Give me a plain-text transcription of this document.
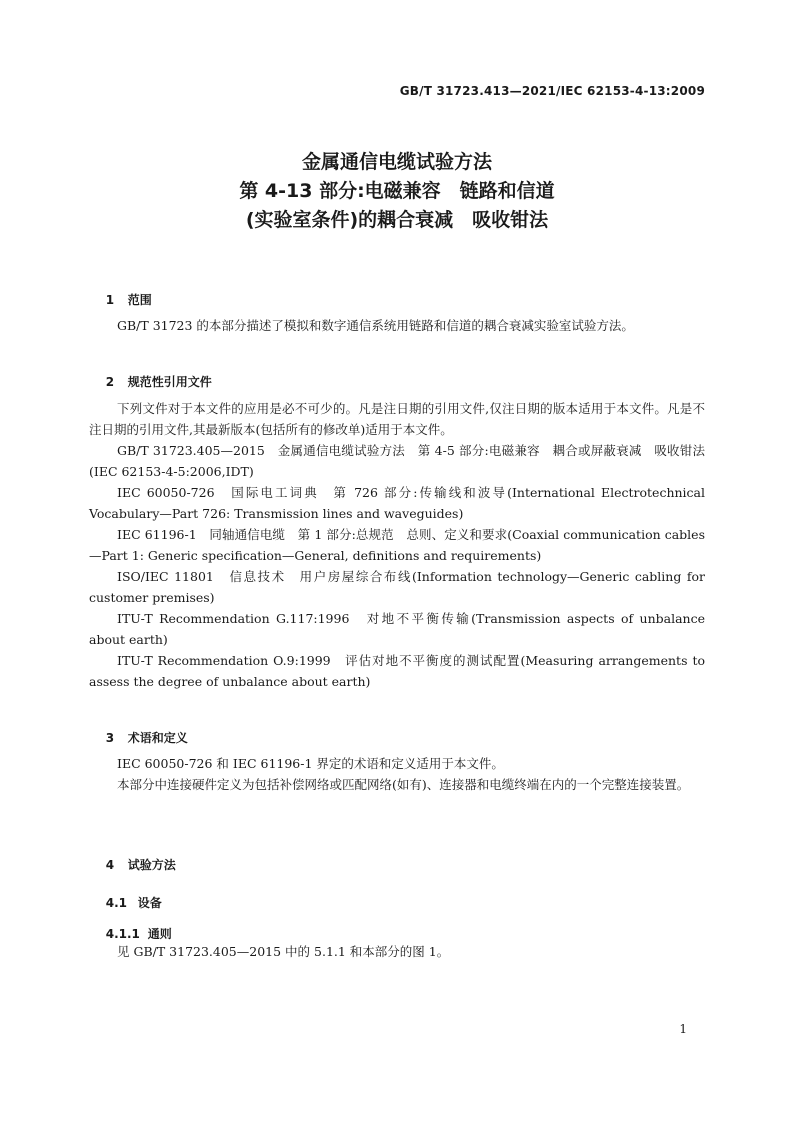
GB/T 31723.413—2021/IEC 62153-4-13:2009
金属通信电缆试验方法
第 4-13 部分:电磁兼容　链路和信道
(实验室条件)的耦合衰减　吸收钳法

1 范围

GB/T 31723 的本部分描述了模拟和数字通信系统用链路和信道的耦合衰减实验室试验方法。

2 规范性引用文件

下列文件对于本文件的应用是必不可少的。凡是注日期的引用文件,仅注日期的版本适用于本文件。凡是不注日期的引用文件,其最新版本(包括所有的修改单)适用于本文件。
GB/T 31723.405—2015　金属通信电缆试验方法　第 4-5 部分:电磁兼容　耦合或屏蔽衰减　吸收钳法(IEC 62153-4-5:2006,IDT)
IEC 60050-726　国际电工词典　第 726 部分:传输线和波导(International Electrotechnical Vocabulary—Part 726: Transmission lines and waveguides)
IEC 61196-1　同轴通信电缆　第 1 部分:总规范　总则、定义和要求(Coaxial communication cables—Part 1: Generic specification—General, definitions and requirements)
ISO/IEC 11801　信息技术　用户房屋综合布线(Information technology—Generic cabling for customer premises)
ITU-T Recommendation G.117:1996　对地不平衡传输(Transmission aspects of unbalance about earth)
ITU-T Recommendation O.9:1999　评估对地不平衡度的测试配置(Measuring arrangements to assess the degree of unbalance about earth)

3 术语和定义

IEC 60050-726 和 IEC 61196-1 界定的术语和定义适用于本文件。
本部分中连接硬件定义为包括补偿网络或匹配网络(如有)、连接器和电缆终端在内的一个完整连接装置。

4 试验方法

4.1 设备

4.1.1 通则

见 GB/T 31723.405—2015 中的 5.1.1 和本部分的图 1。
1
